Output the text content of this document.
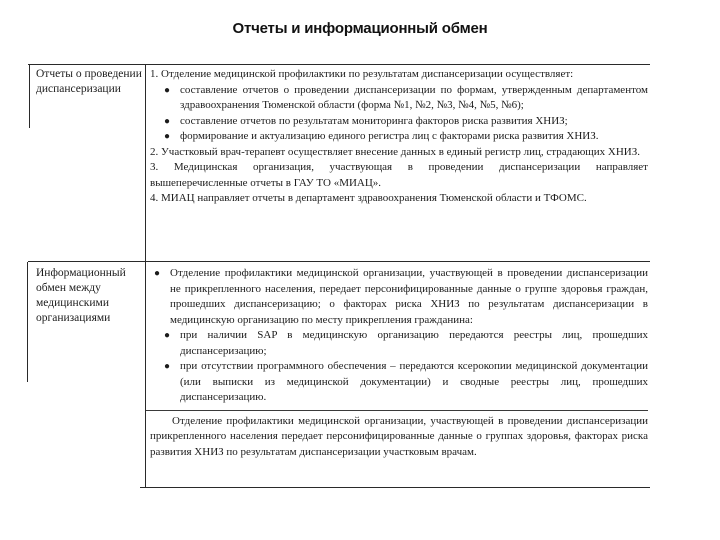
Отчеты и информационный обмен
Отчеты о проведении диспансеризации

1. Отделение медицинской профилактики по результатам диспансеризации осуществляет:

● составление отчетов о проведении диспансеризации по формам, утвержденным департаментом здравоохранения Тюменской области (форма №1, №2, №3, №4, №5, №6);
● составление отчетов по результатам мониторинга факторов риска развития ХНИЗ;
● формирование и актуализацию единого регистра лиц с факторами риска развития ХНИЗ.

2. Участковый врач-терапевт осуществляет внесение данных в единый регистр лиц, страдающих ХНИЗ.

3. Медицинская организация, участвующая в проведении диспансеризации направляет вышеперечисленные отчеты в ГАУ ТО «МИАЦ».

4. МИАЦ направляет отчеты в департамент здравоохранения Тюменской области и ТФОМС.

Информационный обмен между медицинскими организациями
● Отделение профилактики медицинской организации, участвующей в проведении диспансеризации не прикрепленного населения, передает персонифицированные данные о группе здоровья граждан, прошедших диспансеризацию; о факторах риска ХНИЗ по результатам диспансеризации в медицинскую организацию по месту прикрепления гражданина:
● при наличии SAP в медицинскую организацию передаются реестры лиц, прошедших диспансеризацию;
● при отсутствии программного обеспечения – передаются ксерокопии медицинской документации (или выписки из медицинской документации) и сводные реестры лиц, прошедших диспансеризацию.

Отделение профилактики медицинской организации, участвующей в проведении диспансеризации прикрепленного населения передает персонифицированные данные о группах здоровья, факторах риска развития ХНИЗ по результатам диспансеризации участковым врачам.
